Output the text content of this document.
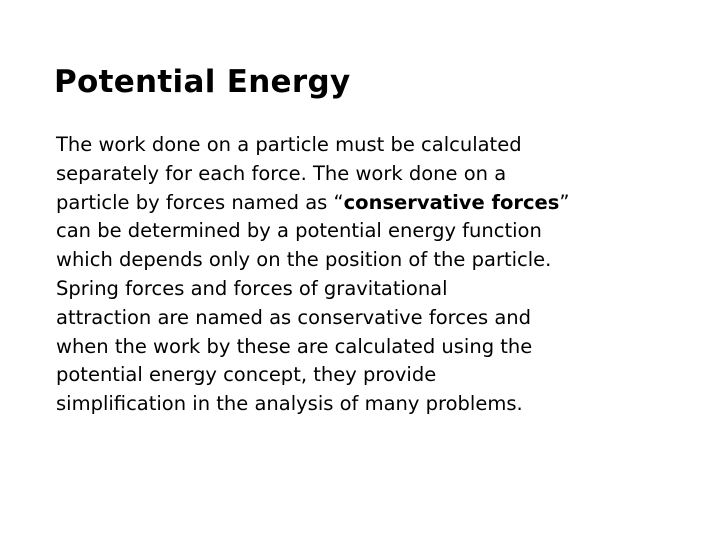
Potential Energy
The work done on a particle must be calculated
separately for each force. The work done on a
particle by forces named as “conservative forces”
can be determined by a potential energy function
which depends only on the position of the particle.
Spring forces and forces of gravitational
attraction are named as conservative forces and
when the work by these are calculated using the
potential energy concept, they provide
simplification in the analysis of many problems.
